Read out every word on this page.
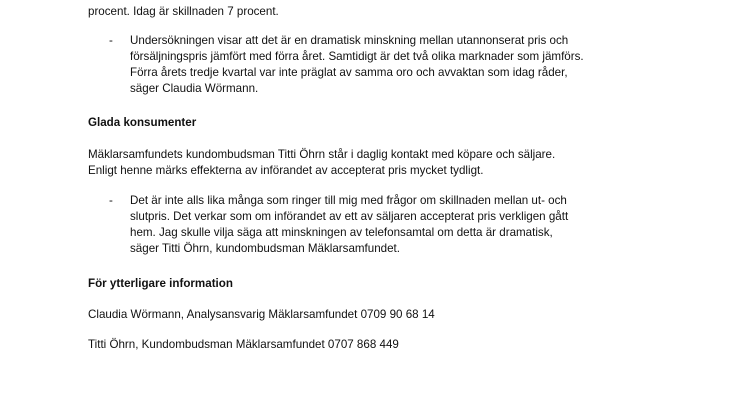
procent. Idag är skillnaden 7 procent.
- Undersökningen visar att det är en dramatisk minskning mellan utannonserat pris och
försäljningspris jämfört med förra året. Samtidigt är det två olika marknader som jämförs.
Förra årets tredje kvartal var inte präglat av samma oro och avvaktan som idag råder,
säger Claudia Wörmann.
Glada konsumenter
Mäklarsamfundets kundombudsman Titti Öhrn står i daglig kontakt med köpare och säljare.
Enligt henne märks effekterna av införandet av accepterat pris mycket tydligt.
- Det är inte alls lika många som ringer till mig med frågor om skillnaden mellan ut- och
slutpris. Det verkar som om införandet av ett av säljaren accepterat pris verkligen gått
hem. Jag skulle vilja säga att minskningen av telefonsamtal om detta är dramatisk,
säger Titti Öhrn, kundombudsman Mäklarsamfundet.
För ytterligare information
Claudia Wörmann, Analysansvarig Mäklarsamfundet 0709 90 68 14
Titti Öhrn, Kundombudsman Mäklarsamfundet 0707 868 449
